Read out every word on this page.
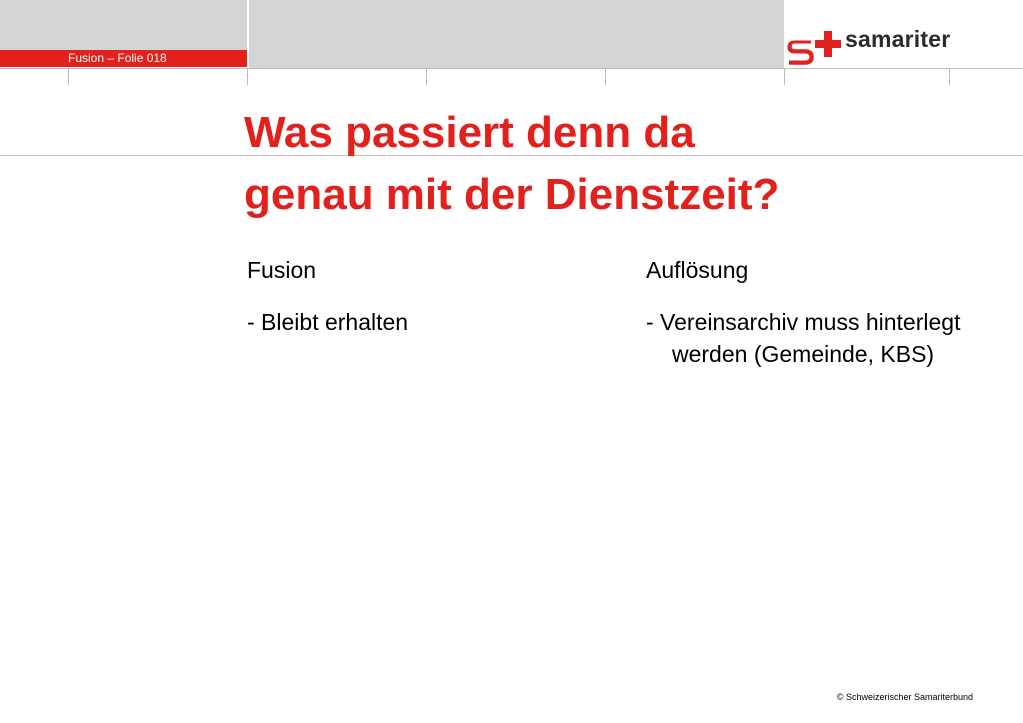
Fusion – Folie 018
samariter
Was passiert denn da
genau mit der Dienstzeit?

Fusion

- Bleibt erhalten

Auflösung

- Vereinsarchiv muss hinterlegt werden (Gemeinde, KBS)

© Schweizerischer Samariterbund
